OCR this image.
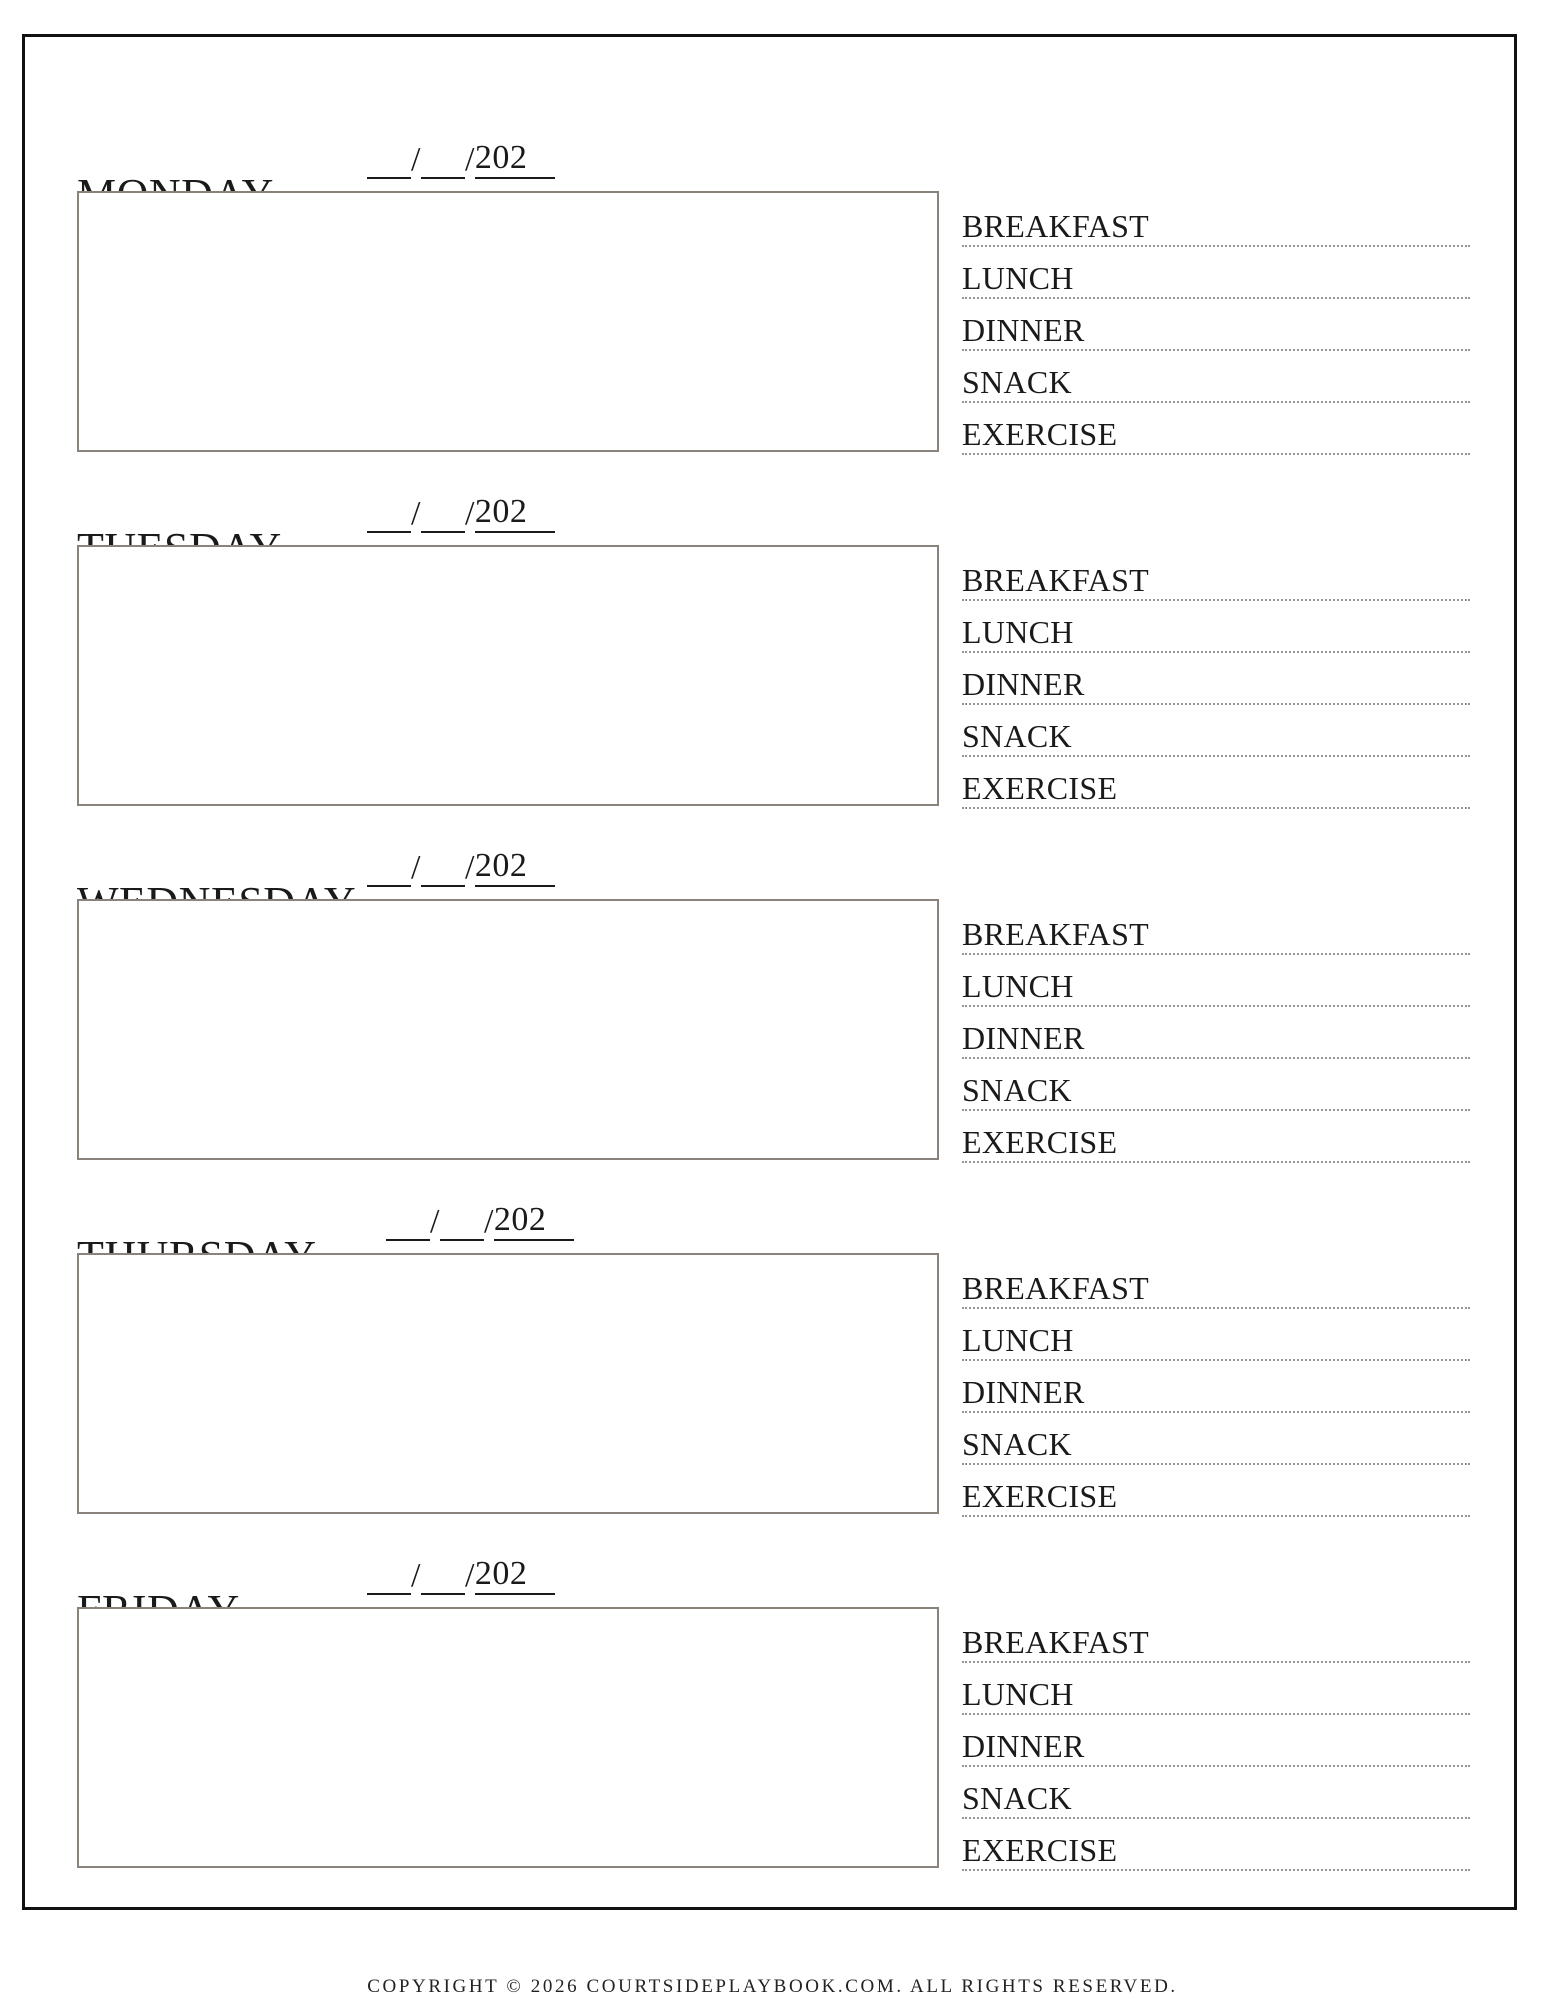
/ /202
BREAKFAST
LUNCH
DINNER
SNACK
EXERCISE
/ /202
BREAKFAST
LUNCH
DINNER
SNACK
EXERCISE
/ /202
BREAKFAST
LUNCH
DINNER
SNACK
EXERCISE
/ /202
BREAKFAST
LUNCH
DINNER
SNACK
EXERCISE
/ /202
BREAKFAST
LUNCH
DINNER
SNACK
EXERCISE
COPYRIGHT © 2026 COURTSIDEPLAYBOOK.COM. ALL RIGHTS RESERVED.
